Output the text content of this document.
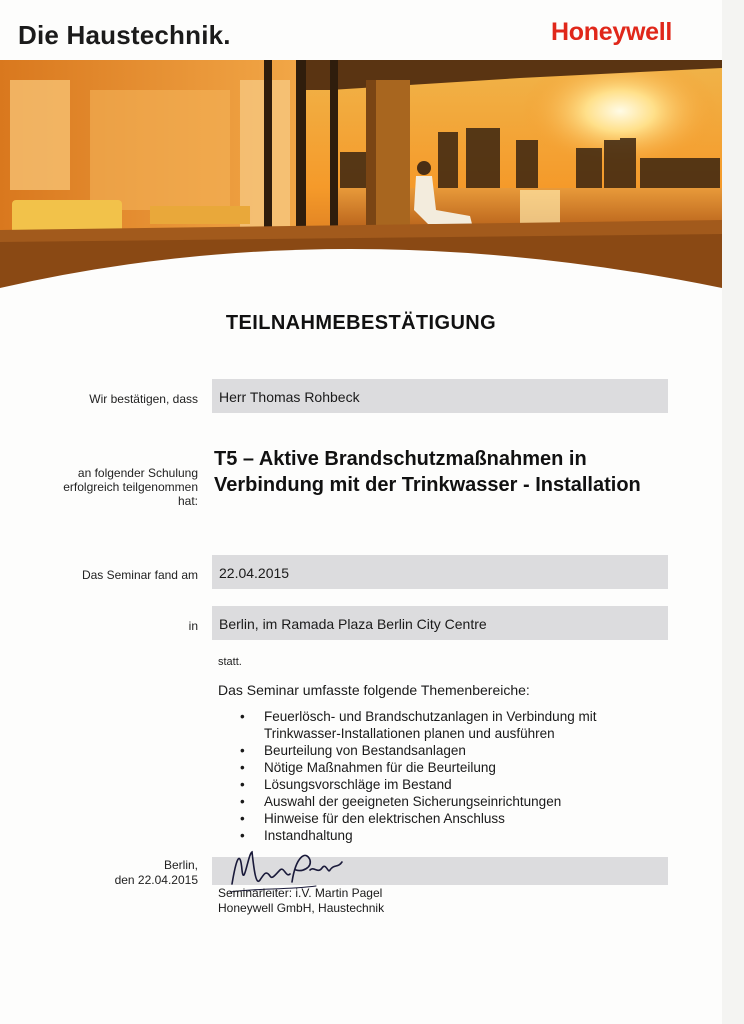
Die Haustechnik.	Honeywell
TEILNAHMEBESTÄTIGUNG
Wir bestätigen, dass Herr Thomas Rohbeck
an folgender Schulung
erfolgreich teilgenommen
hat:
T5 – Aktive Brandschutzmaßnahmen in Verbindung mit der Trinkwasser - Installation
Das Seminar fand am 22.04.2015
in Berlin, im Ramada Plaza Berlin City Centre
statt.
Das Seminar umfasste folgende Themenbereiche:
• Feuerlösch- und Brandschutzanlagen in Verbindung mit Trinkwasser-Installationen planen und ausführen
• Beurteilung von Bestandsanlagen
• Nötige Maßnahmen für die Beurteilung
• Lösungsvorschläge im Bestand
• Auswahl der geeigneten Sicherungseinrichtungen
• Hinweise für den elektrischen Anschluss
• Instandhaltung
Berlin,
den 22.04.2015
Seminarleiter: i.V. Martin Pagel
Honeywell GmbH, Haustechnik
